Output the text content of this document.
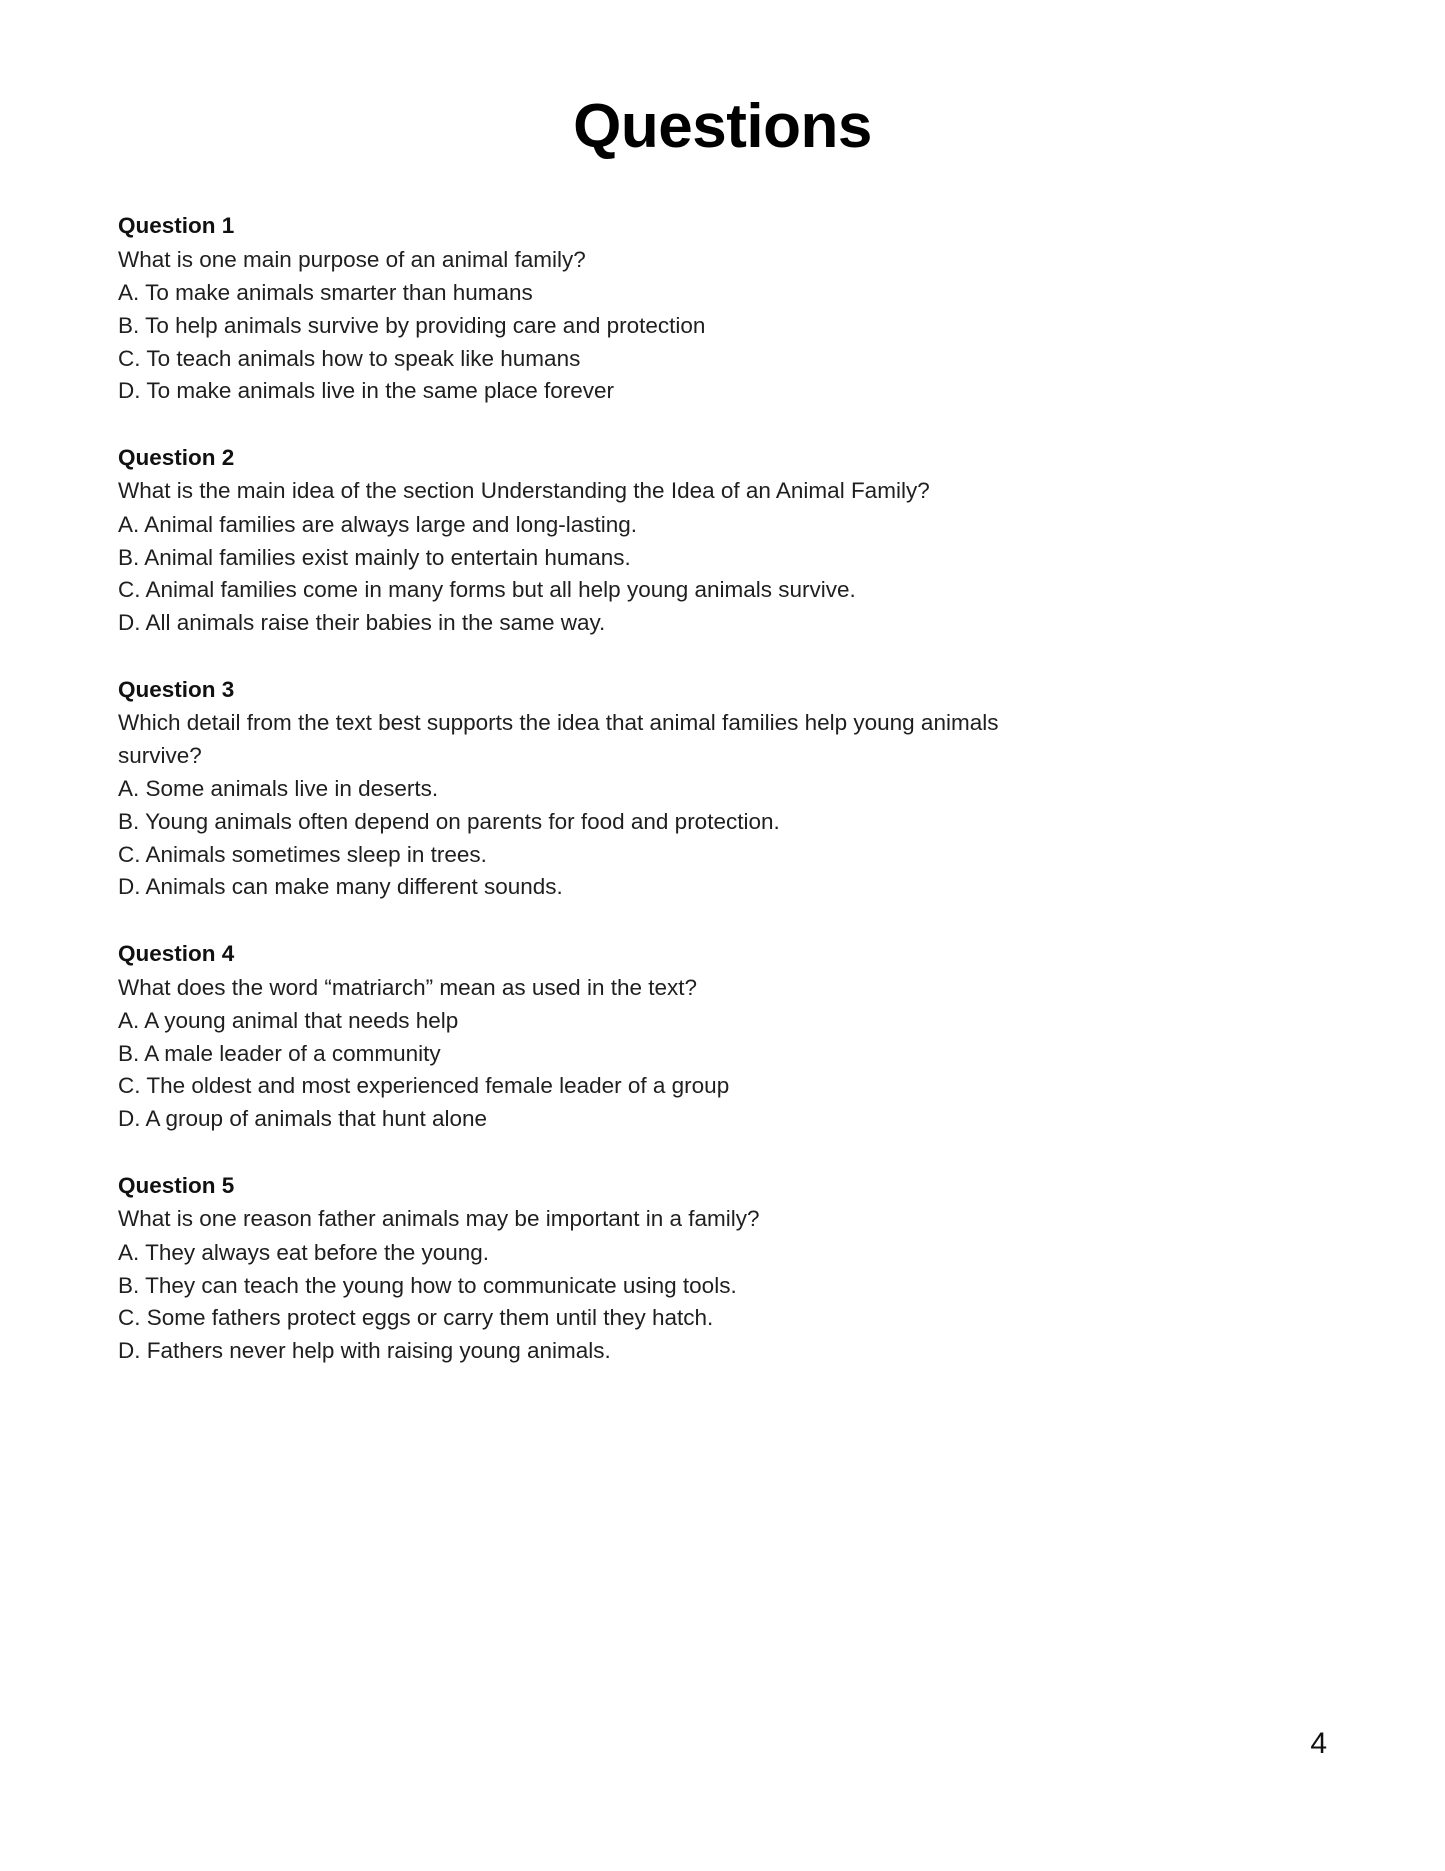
Questions

Question 1

What is one main purpose of an animal family?

A. To make animals smarter than humans

B. To help animals survive by providing care and protection

C. To teach animals how to speak like humans

D. To make animals live in the same place forever

Question 2

What is the main idea of the section Understanding the Idea of an Animal Family?

A. Animal families are always large and long-lasting.

B. Animal families exist mainly to entertain humans.

C. Animal families come in many forms but all help young animals survive.

D. All animals raise their babies in the same way.

Question 3

Which detail from the text best supports the idea that animal families help young animals survive?

A. Some animals live in deserts.

B. Young animals often depend on parents for food and protection.

C. Animals sometimes sleep in trees.

D. Animals can make many different sounds.

Question 4

What does the word “matriarch” mean as used in the text?

A. A young animal that needs help

B. A male leader of a community

C. The oldest and most experienced female leader of a group

D. A group of animals that hunt alone

Question 5

What is one reason father animals may be important in a family?

A. They always eat before the young.

B. They can teach the young how to communicate using tools.

C. Some fathers protect eggs or carry them until they hatch.

D. Fathers never help with raising young animals.

4
